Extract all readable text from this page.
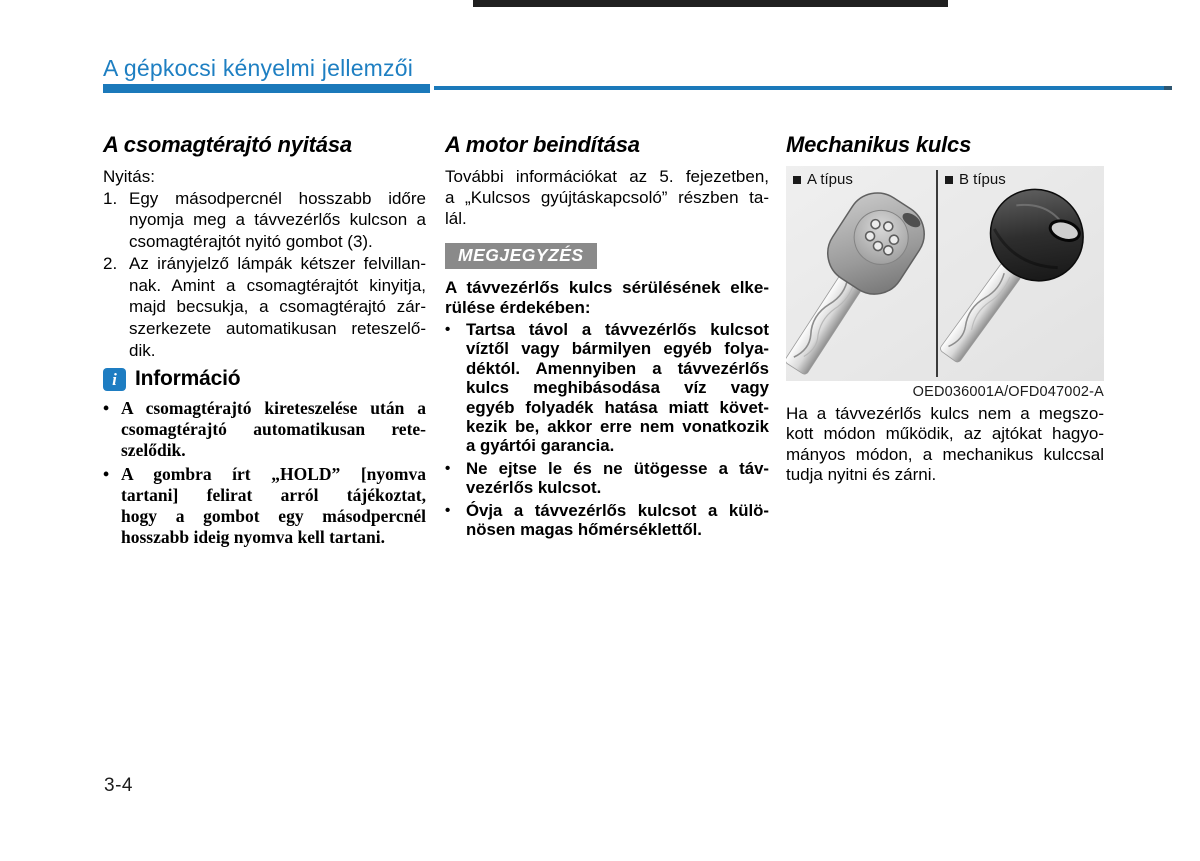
A gépkocsi kényelmi jellemzői
A csomagtérajtó nyitása
Nyitás:
1. Egy másodpercnél hosszabb időre
nyomja meg a távvezérlős kulcson a
csomagtérajtót nyitó gombot (3).
2. Az irányjelző lámpák kétszer felvillan-
nak. Amint a csomagtérajtót kinyitja,
majd becsukja, a csomagtérajtó zár-
szerkezete automatikusan reteszelő-
dik.
i Információ
• A csomagtérajtó kireteszelése után a
csomagtérajtó automatikusan rete-
szelődik.
• A gombra írt „HOLD” [nyomva
tartani] felirat arról tájékoztat,
hogy a gombot egy másodpercnél
hosszabb ideig nyomva kell tartani.
A motor beindítása
További információkat az 5. fejezetben,
a „Kulcsos gyújtáskapcsoló” részben ta-
lál.
MEGJEGYZÉS
A távvezérlős kulcs sérülésének elke-
rülése érdekében:
• Tartsa távol a távvezérlős kulcsot
víztől vagy bármilyen egyéb folya-
déktól. Amennyiben a távvezérlős
kulcs meghibásodása víz vagy
egyéb folyadék hatása miatt követ-
kezik be, akkor erre nem vonatkozik
a gyártói garancia.
• Ne ejtse le és ne ütögesse a táv-
vezérlős kulcsot.
• Óvja a távvezérlős kulcsot a külö-
nösen magas hőmérséklettől.
Mechanikus kulcs
A típus	B típus
OED036001A/OFD047002-A
Ha a távvezérlős kulcs nem a megszo-
kott módon működik, az ajtókat hagyo-
mányos módon, a mechanikus kulccsal
tudja nyitni és zárni.
3-4
